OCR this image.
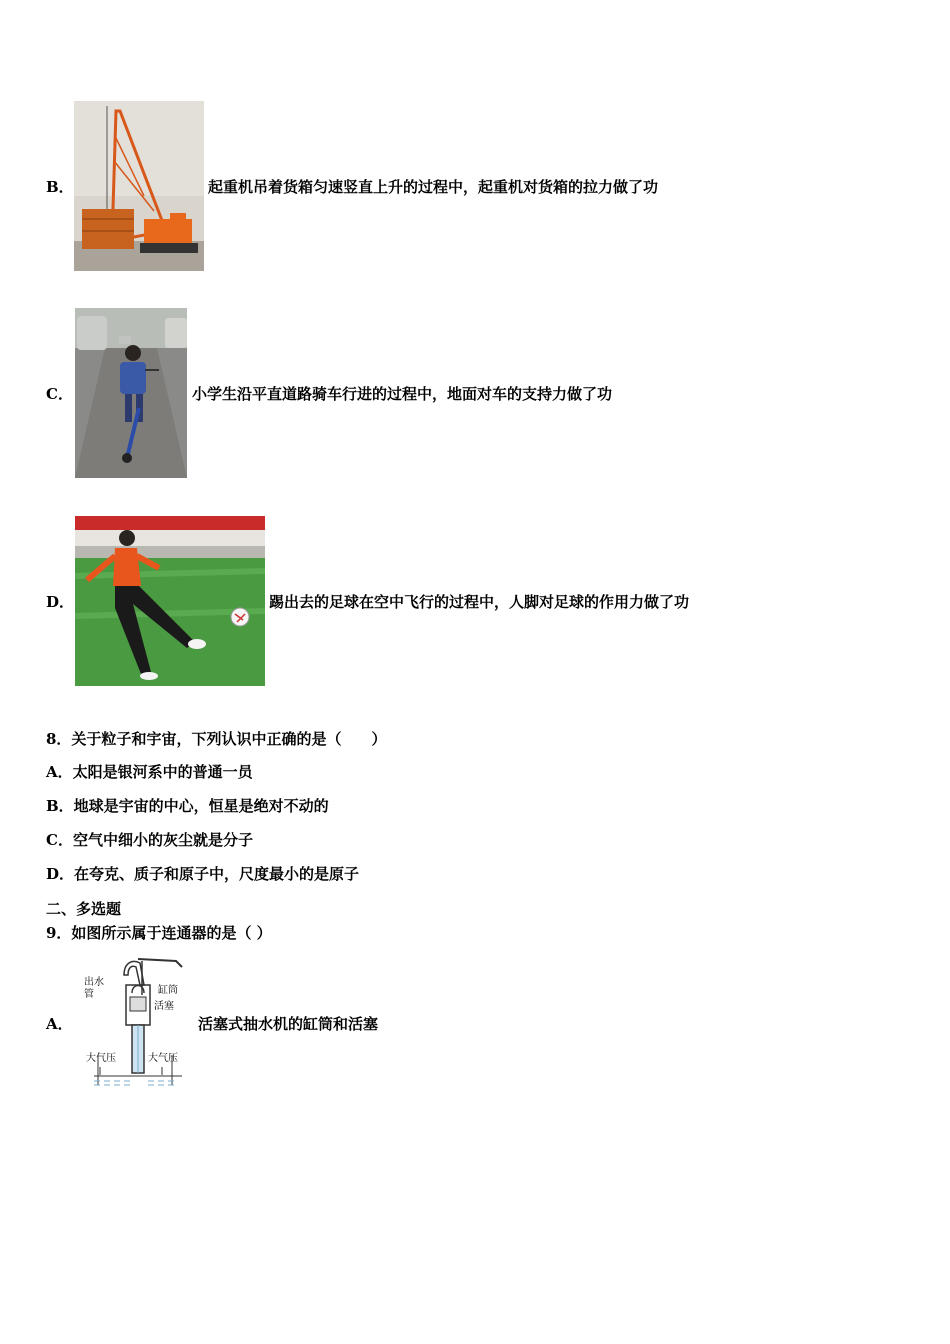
B．	起重机吊着货箱匀速竖直上升的过程中，起重机对货箱的拉力做了功
C．	小学生沿平直道路骑车行进的过程中，地面对车的支持力做了功
D．	踢出去的足球在空中飞行的过程中，人脚对足球的作用力做了功
8．关于粒子和宇宙，下列认识中正确的是（　　）
A．太阳是银河系中的普通一员
B．地球是宇宙的中心，恒星是绝对不动的
C．空气中细小的灰尘就是分子
D．在夸克、质子和原子中，尺度最小的是原子
二、多选题
9．如图所示属于连通器的是（ ）
A．
出水
管	缸筒
活塞
大气压	大气压
活塞式抽水机的缸筒和活塞
